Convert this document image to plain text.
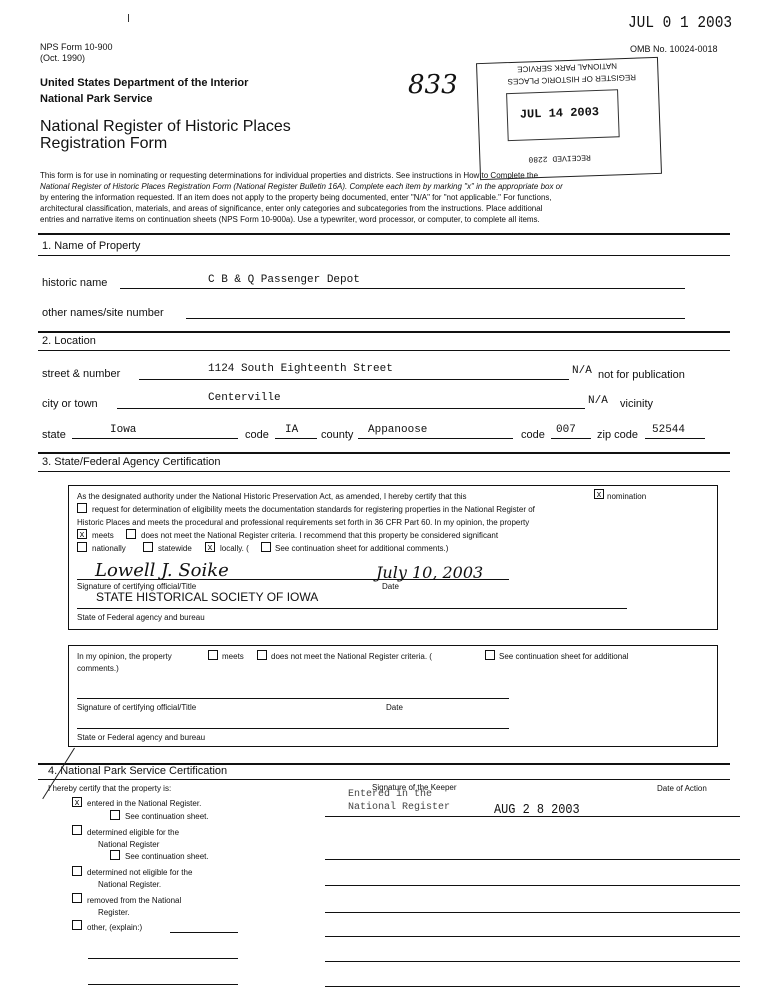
JUL 0 1 2003
NPS Form 10-900
(Oct. 1990)
OMB No. 10024-0018
United States Department of the Interior
National Park Service
National Register of Historic Places
Registration Form
833
NATIONAL PARK SERVICE
REGISTER OF HISTORIC PLACES
JUL 14 2003
RECEIVED 2280
This form is for use in nominating or requesting determinations for individual properties and districts. See instructions in How to Complete the
National Register of Historic Places Registration Form (National Register Bulletin 16A). Complete each item by marking "x" in the appropriate box or
by entering the information requested. If an item does not apply to the property being documented, enter "N/A" for "not applicable." For functions,
architectural classification, materials, and areas of significance, enter only categories and subcategories from the instructions. Place additional
entries and narrative items on continuation sheets (NPS Form 10-900a). Use a typewriter, word processor, or computer, to complete all items.
1. Name of Property
historic name	C B & Q Passenger Depot
other names/site number
2. Location
street & number	1124 South Eighteenth Street	N/A not for publication
city or town	Centerville	N/A vicinity
state	Iowa	code IA county Appanoose	code 007 zip code 52544
3. State/Federal Agency Certification
As the designated authority under the National Historic Preservation Act, as amended, I hereby certify that this	x nomination
request for determination of eligibility meets the documentation standards for registering properties in the National Register of
Historic Places and meets the procedural and professional requirements set forth in 36 CFR Part 60. In my opinion, the property
x meets	does not meet the National Register criteria. I recommend that this property be considered significant
nationally	statewide	x locally. (	See continuation sheet for additional comments.)
Lowell J. Soike	July 10, 2003
Signature of certifying official/Title	Date
STATE HISTORICAL SOCIETY OF IOWA
State of Federal agency and bureau
In my opinion, the property	meets	does not meet the National Register criteria. (	See continuation sheet for additional
comments.)
Signature of certifying official/Title	Date
State or Federal agency and bureau
4. National Park Service Certification
I hereby certify that the property is:	Signature of the Keeper	Date of Action
x entered in the National Register.
See continuation sheet.
Entered in the
National Register	AUG 2 8 2003
determined eligible for the
National Register
See continuation sheet.
determined not eligible for the
National Register.
removed from the National
Register.
other, (explain:)
